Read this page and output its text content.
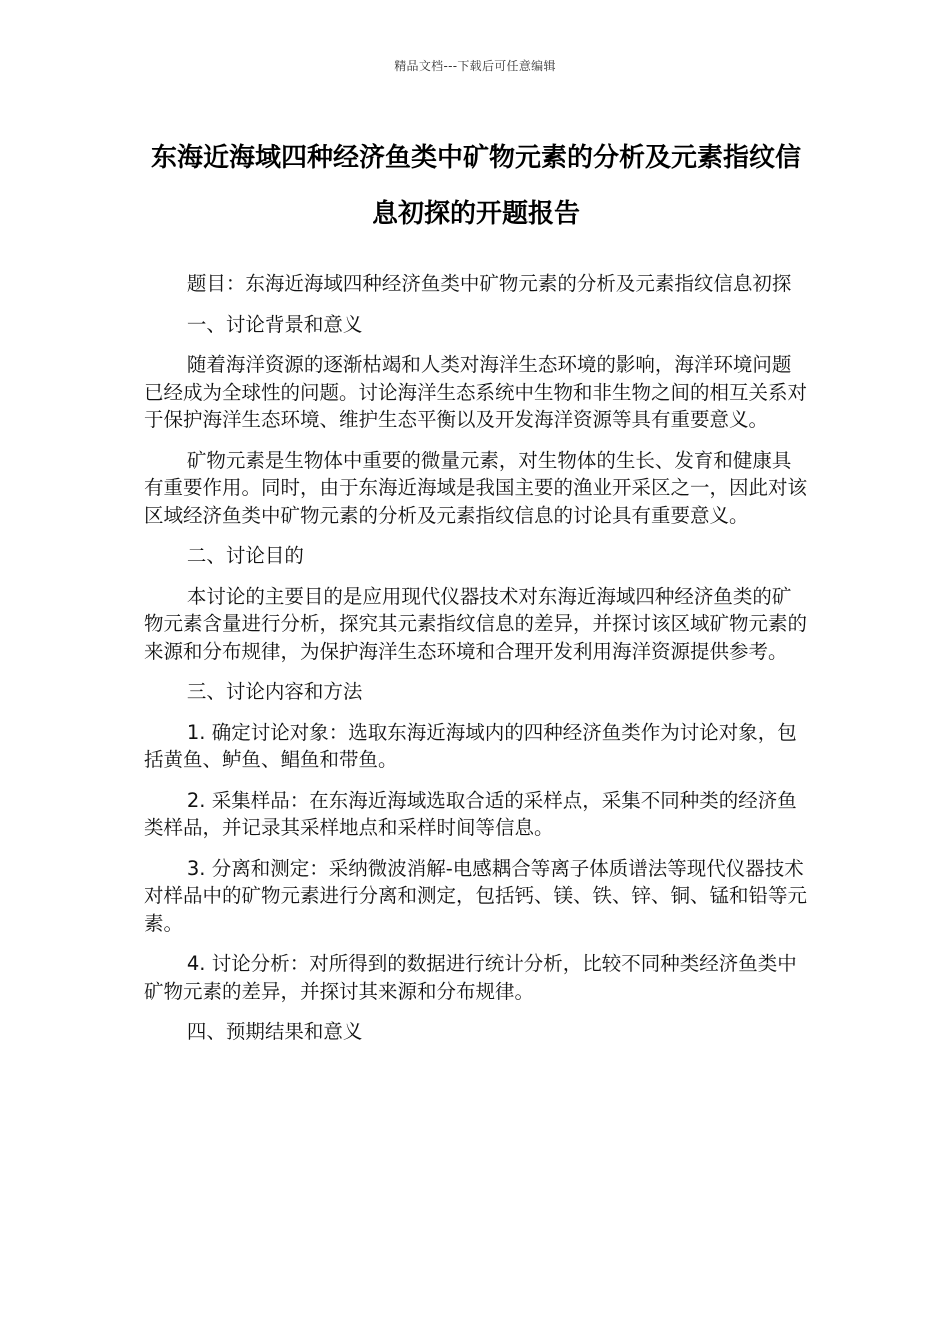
精品文档---下载后可任意编辑
东海近海域四种经济鱼类中矿物元素的分析及元素指纹信息初探的开题报告

题目：东海近海域四种经济鱼类中矿物元素的分析及元素指纹信息初探

一、讨论背景和意义

随着海洋资源的逐渐枯竭和人类对海洋生态环境的影响，海洋环境问题已经成为全球性的问题。讨论海洋生态系统中生物和非生物之间的相互关系对于保护海洋生态环境、维护生态平衡以及开发海洋资源等具有重要意义。

矿物元素是生物体中重要的微量元素，对生物体的生长、发育和健康具有重要作用。同时，由于东海近海域是我国主要的渔业开采区之一，因此对该区域经济鱼类中矿物元素的分析及元素指纹信息的讨论具有重要意义。

二、讨论目的

本讨论的主要目的是应用现代仪器技术对东海近海域四种经济鱼类的矿物元素含量进行分析，探究其元素指纹信息的差异，并探讨该区域矿物元素的来源和分布规律，为保护海洋生态环境和合理开发利用海洋资源提供参考。

三、讨论内容和方法

1. 确定讨论对象：选取东海近海域内的四种经济鱼类作为讨论对象，包括黄鱼、鲈鱼、鲳鱼和带鱼。

2. 采集样品：在东海近海域选取合适的采样点，采集不同种类的经济鱼类样品，并记录其采样地点和采样时间等信息。

3. 分离和测定：采纳微波消解-电感耦合等离子体质谱法等现代仪器技术对样品中的矿物元素进行分离和测定，包括钙、镁、铁、锌、铜、锰和铅等元素。

4. 讨论分析：对所得到的数据进行统计分析，比较不同种类经济鱼类中矿物元素的差异，并探讨其来源和分布规律。

四、预期结果和意义
